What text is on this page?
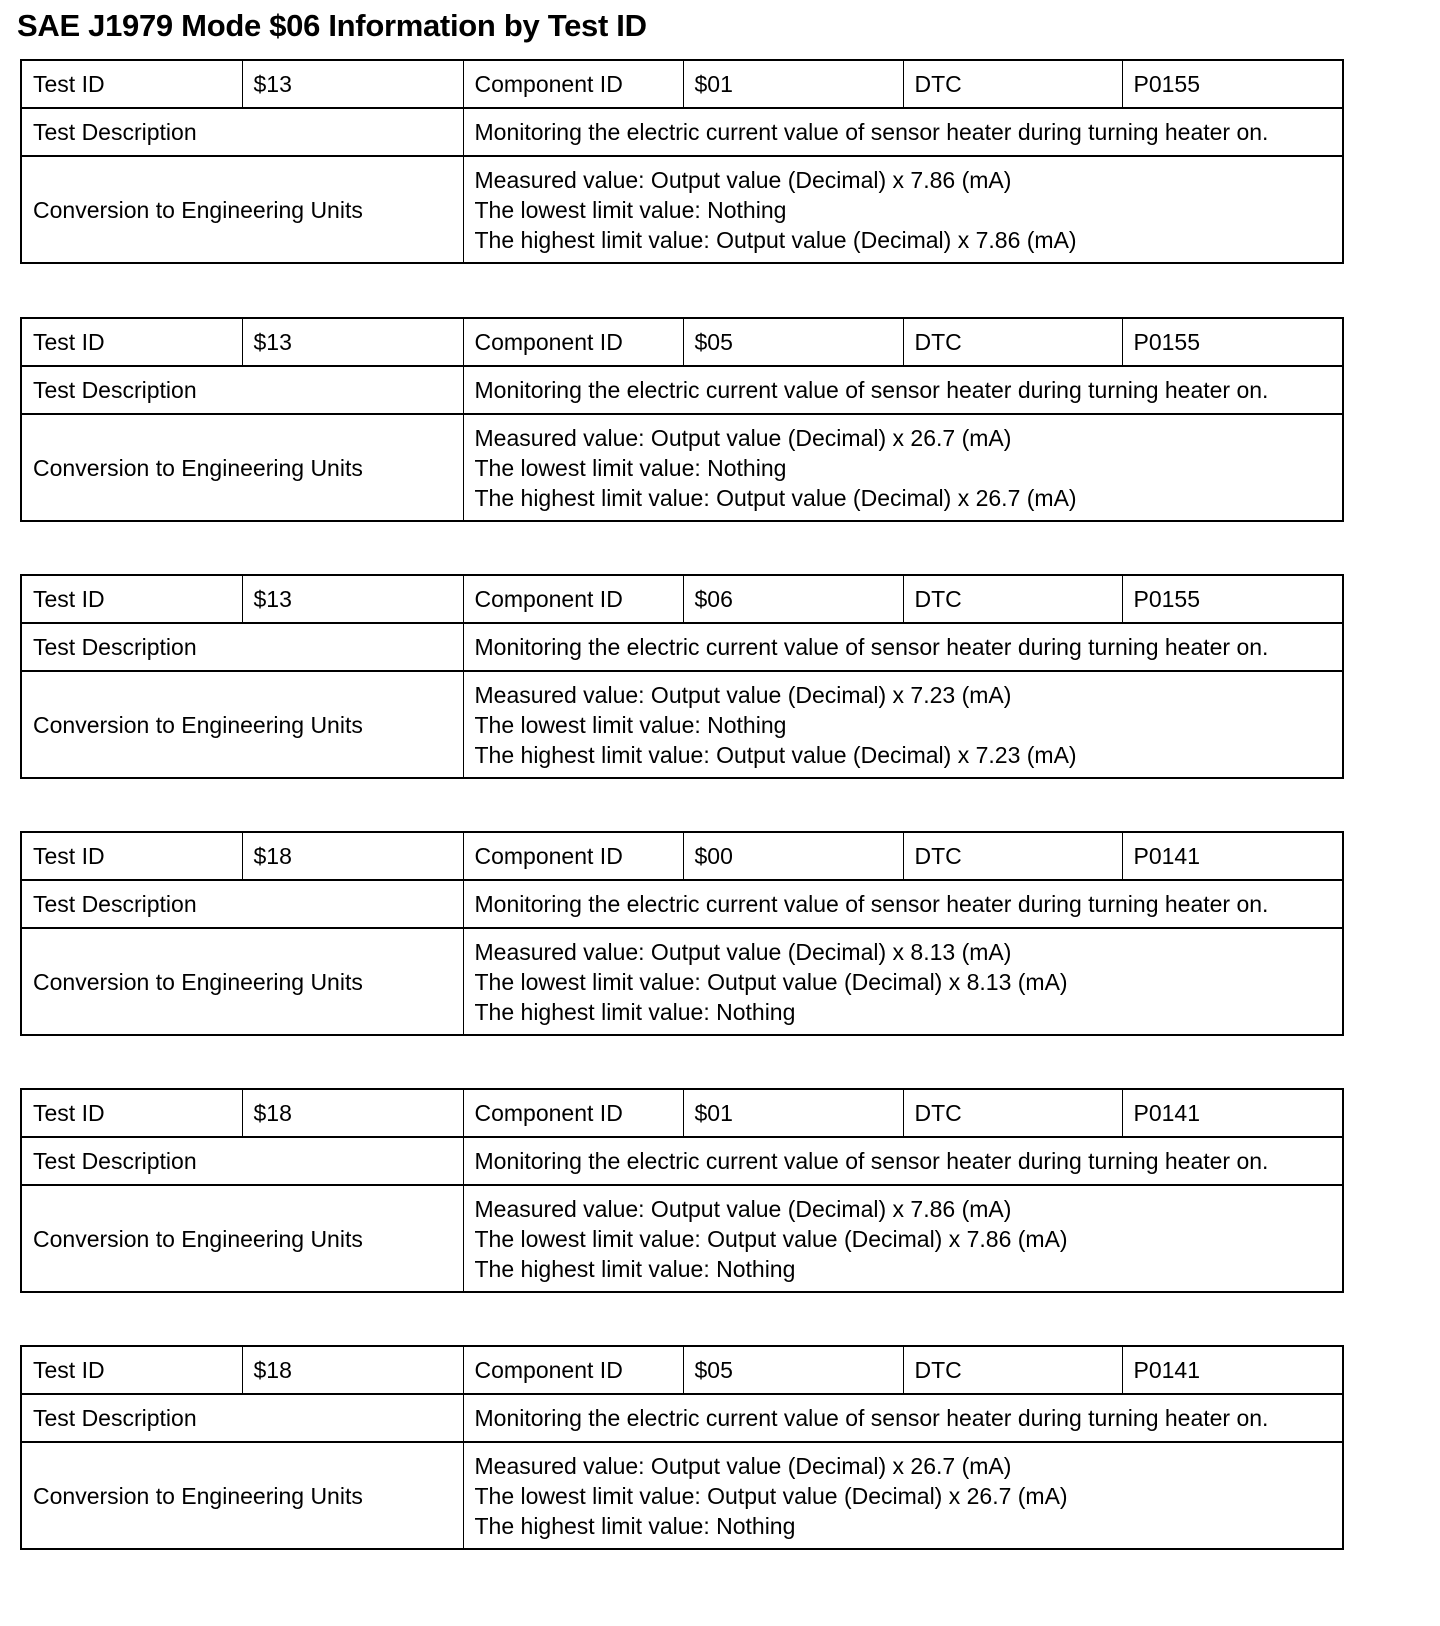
SAE J1979 Mode $06 Information by Test ID
Test ID	$13	Component ID	$01	DTC	P0155
Test Description		Monitoring the electric current value of sensor heater during turning heater on.			
Conversion to Engineering Units		Measured value: Output value (Decimal) x 7.86 (mA)
The lowest limit value: Nothing
The highest limit value: Output value (Decimal) x 7.86 (mA)			
Test ID	$13	Component ID	$05	DTC	P0155
Test Description		Monitoring the electric current value of sensor heater during turning heater on.			
Conversion to Engineering Units		Measured value: Output value (Decimal) x 26.7 (mA)
The lowest limit value: Nothing
The highest limit value: Output value (Decimal) x 26.7 (mA)			
Test ID	$13	Component ID	$06	DTC	P0155
Test Description		Monitoring the electric current value of sensor heater during turning heater on.			
Conversion to Engineering Units		Measured value: Output value (Decimal) x 7.23 (mA)
The lowest limit value: Nothing
The highest limit value: Output value (Decimal) x 7.23 (mA)			
Test ID	$18	Component ID	$00	DTC	P0141
Test Description		Monitoring the electric current value of sensor heater during turning heater on.			
Conversion to Engineering Units		Measured value: Output value (Decimal) x 8.13 (mA)
The lowest limit value: Output value (Decimal) x 8.13 (mA)
The highest limit value: Nothing			
Test ID	$18	Component ID	$01	DTC	P0141
Test Description		Monitoring the electric current value of sensor heater during turning heater on.			
Conversion to Engineering Units		Measured value: Output value (Decimal) x 7.86 (mA)
The lowest limit value: Output value (Decimal) x 7.86 (mA)
The highest limit value: Nothing			
Test ID	$18	Component ID	$05	DTC	P0141
Test Description		Monitoring the electric current value of sensor heater during turning heater on.			
Conversion to Engineering Units		Measured value: Output value (Decimal) x 26.7 (mA)
The lowest limit value: Output value (Decimal) x 26.7 (mA)
The highest limit value: Nothing			
